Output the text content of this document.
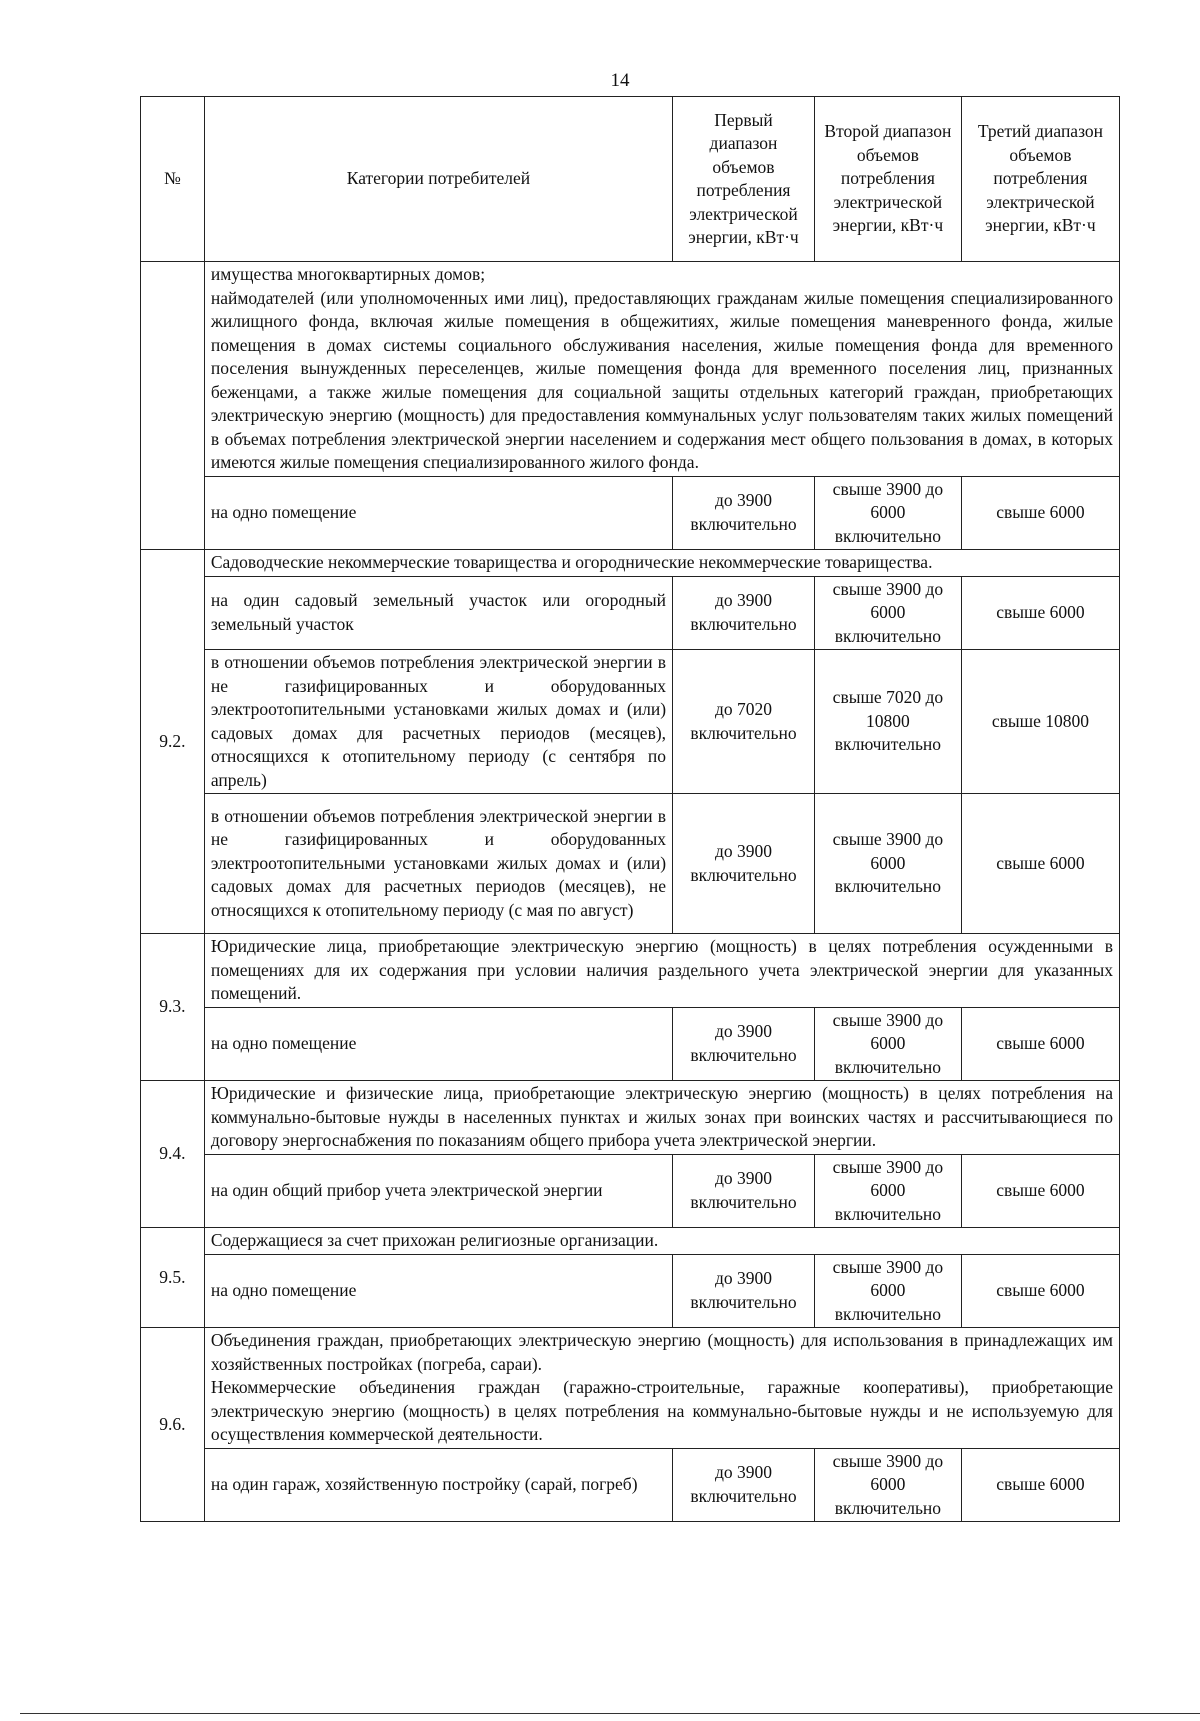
14
№	Категории потребителей	Первый диапазон объемов потребления электрической энергии, кВт·ч	Второй диапазон объемов потребления электрической энергии, кВт·ч	Третий диапазон объемов потребления электрической энергии, кВт·ч

	имущества многоквартирных домов;
наймодателей (или уполномоченных ими лиц), предоставляющих гражданам жилые помещения специализированного жилищного фонда, включая жилые помещения в общежитиях, жилые помещения маневренного фонда, жилые помещения в домах системы социального обслуживания населения, жилые помещения фонда для временного поселения вынужденных переселенцев, жилые помещения фонда для временного поселения лиц, признанных беженцами, а также жилые помещения для социальной защиты отдельных категорий граждан, приобретающих электрическую энергию (мощность) для предоставления коммунальных услуг пользователям таких жилых помещений в объемах потребления электрической энергии населением и содержания мест общего пользования в домах, в которых имеются жилые помещения специализированного жилого фонда.			

	на одно помещение	до 3900 включительно	свыше 3900 до 6000 включительно	свыше 6000
9.2.	Садоводческие некоммерческие товарищества и огороднические некоммерческие товарищества.			
	на один садовый земельный участок или огородный земельный участок	до 3900 включительно	свыше 3900 до 6000 включительно	свыше 6000
	в отношении объемов потребления электрической энергии в не газифицированных и оборудованных электроотопительными установками жилых домах и (или) садовых домах для расчетных периодов (месяцев), относящихся к отопительному периоду (с сентября по апрель)	до 7020 включительно	свыше 7020 до 10800 включительно	свыше 10800
	в отношении объемов потребления электрической энергии в не газифицированных и оборудованных электроотопительными установками жилых домах и (или) садовых домах для расчетных периодов (месяцев), не относящихся к отопительному периоду (с мая по август)	до 3900 включительно	свыше 3900 до 6000 включительно	свыше 6000
9.3.	Юридические лица, приобретающие электрическую энергию (мощность) в целях потребления осужденными в помещениях для их содержания при условии наличия раздельного учета электрической энергии для указанных помещений.			
	на одно помещение	до 3900 включительно	свыше 3900 до 6000 включительно	свыше 6000
9.4.	Юридические и физические лица, приобретающие электрическую энергию (мощность) в целях потребления на коммунально-бытовые нужды в населенных пунктах и жилых зонах при воинских частях и рассчитывающиеся по договору энергоснабжения по показаниям общего прибора учета электрической энергии.			
	на один общий прибор учета электрической энергии	до 3900 включительно	свыше 3900 до 6000 включительно	свыше 6000
9.5.	Содержащиеся за счет прихожан религиозные организации.			
	на одно помещение	до 3900 включительно	свыше 3900 до 6000 включительно	свыше 6000
9.6.	Объединения граждан, приобретающих электрическую энергию (мощность) для использования в принадлежащих им хозяйственных постройках (погреба, сараи).
Некоммерческие объединения граждан (гаражно-строительные, гаражные кооперативы), приобретающие электрическую энергию (мощность) в целях потребления на коммунально-бытовые нужды и не используемую для осуществления коммерческой деятельности.			

	на один гараж, хозяйственную постройку (сарай, погреб)	до 3900 включительно	свыше 3900 до 6000 включительно	свыше 6000
